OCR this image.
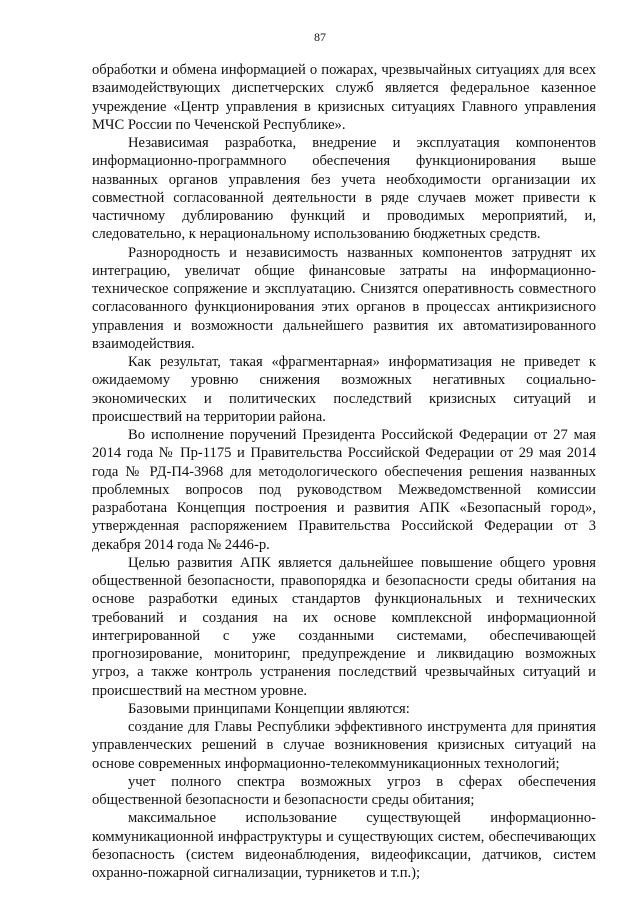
87

обработки и обмена информацией о пожарах, чрезвычайных ситуациях для всех взаимодействующих диспетчерских служб является федеральное казенное учреждение «Центр управления в кризисных ситуациях Главного управления МЧС России по Чеченской Республике».

Независимая разработка, внедрение и эксплуатация компонентов информационно-программного обеспечения функционирования выше названных органов управления без учета необходимости организации их совместной согласованной деятельности в ряде случаев может привести к частичному дублированию функций и проводимых мероприятий, и, следовательно, к нерациональному использованию бюджетных средств.

Разнородность и независимость названных компонентов затруднят их интеграцию, увеличат общие финансовые затраты на информационно-техническое сопряжение и эксплуатацию. Снизятся оперативность совместного согласованного функционирования этих органов в процессах антикризисного управления и возможности дальнейшего развития их автоматизированного взаимодействия.

Как результат, такая «фрагментарная» информатизация не приведет к ожидаемому уровню снижения возможных негативных социально-экономических и политических последствий кризисных ситуаций и происшествий на территории района.

Во исполнение поручений Президента Российской Федерации от 27 мая 2014 года № Пр-1175 и Правительства Российской Федерации от 29 мая 2014 года № РД-П4-3968 для методологического обеспечения решения названных проблемных вопросов под руководством Межведомственной комиссии разработана Концепция построения и развития АПК «Безопасный город», утвержденная распоряжением Правительства Российской Федерации от 3 декабря 2014 года № 2446-р.

Целью развития АПК является дальнейшее повышение общего уровня общественной безопасности, правопорядка и безопасности среды обитания на основе разработки единых стандартов функциональных и технических требований и создания на их основе комплексной информационной интегрированной с уже созданными системами, обеспечивающей прогнозирование, мониторинг, предупреждение и ликвидацию возможных угроз, а также контроль устранения последствий чрезвычайных ситуаций и происшествий на местном уровне.

Базовыми принципами Концепции являются:

создание для Главы Республики эффективного инструмента для принятия управленческих решений в случае возникновения кризисных ситуаций на основе современных информационно-телекоммуникационных технологий;

учет полного спектра возможных угроз в сферах обеспечения общественной безопасности и безопасности среды обитания;

максимальное использование существующей информационно-коммуникационной инфраструктуры и существующих систем, обеспечивающих безопасность (систем видеонаблюдения, видеофиксации, датчиков, систем охранно-пожарной сигнализации, турникетов и т.п.);
